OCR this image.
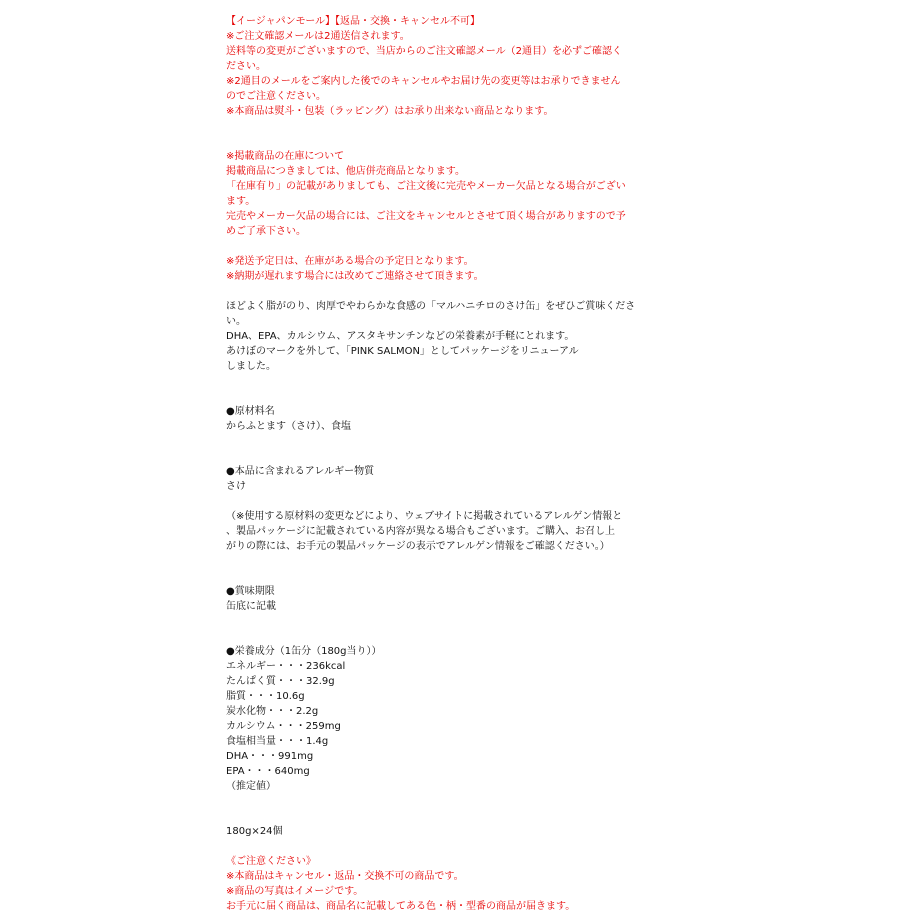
【イージャパンモール】【返品・交換・キャンセル不可】
※ご注文確認メールは2通送信されます。
送料等の変更がございますので、当店からのご注文確認メール（2通目）を必ずご確認く
ださい。
※2通目のメールをご案内した後でのキャンセルやお届け先の変更等はお承りできません
のでご注意ください。
※本商品は熨斗・包装（ラッピング）はお承り出来ない商品となります。
※掲載商品の在庫について
掲載商品につきましては、他店併売商品となります。
「在庫有り」の記載がありましても、ご注文後に完売やメーカー欠品となる場合がござい
ます。
完売やメーカー欠品の場合には、ご注文をキャンセルとさせて頂く場合がありますので予
めご了承下さい。
※発送予定日は、在庫がある場合の予定日となります。
※納期が遅れます場合には改めてご連絡させて頂きます。
ほどよく脂がのり、肉厚でやわらかな食感の「マルハニチロのさけ缶」をぜひご賞味くださ
い。
DHA、EPA、カルシウム、アスタキサンチンなどの栄養素が手軽にとれます。
あけぼのマークを外して、「PINK SALMON」としてパッケージをリニューアル
しました。
●原材料名
からふとます（さけ）、食塩
●本品に含まれるアレルギー物質
さけ
（※使用する原材料の変更などにより、ウェブサイトに掲載されているアレルゲン情報と
、製品パッケージに記載されている内容が異なる場合もございます。ご購入、お召し上
がりの際には、お手元の製品パッケージの表示でアレルゲン情報をご確認ください。）
●賞味期限
缶底に記載
●栄養成分（1缶分（180g当り））
エネルギー・・・236kcal
たんぱく質・・・32.9g
脂質・・・10.6g
炭水化物・・・2.2g
カルシウム・・・259mg
食塩相当量・・・1.4g
DHA・・・991mg
EPA・・・640mg
（推定値）
180g×24個
《ご注意ください》
※本商品はキャンセル・返品・交換不可の商品です。
※商品の写真はイメージです。
お手元に届く商品は、商品名に記載してある色・柄・型番の商品が届きます。
